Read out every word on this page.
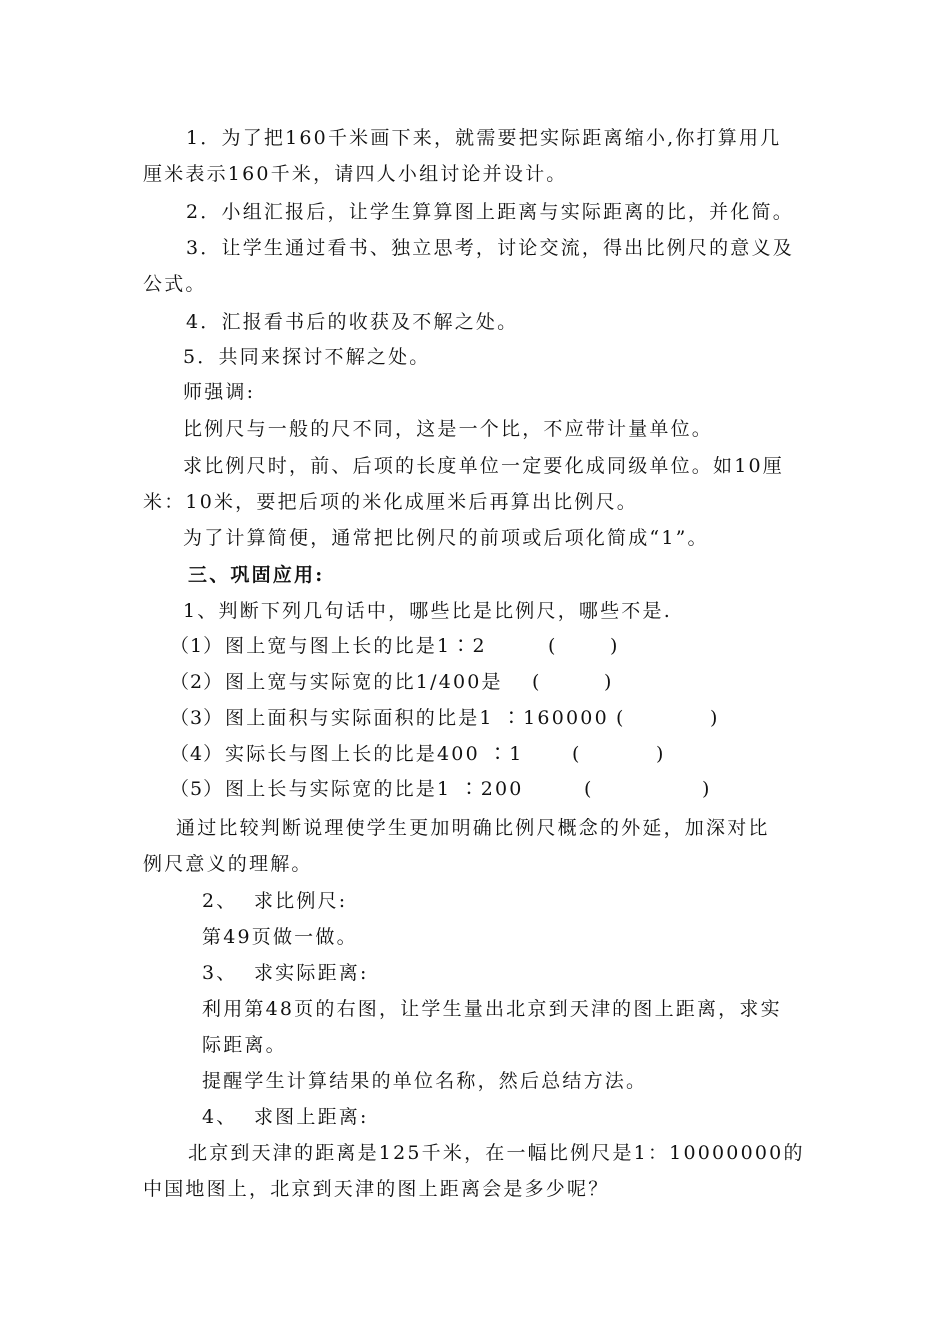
1．为了把160千米画下来，就需要把实际距离缩小,你打算用几
厘米表示160千米，请四人小组讨论并设计。
2．小组汇报后，让学生算算图上距离与实际距离的比，并化简。
3．让学生通过看书、独立思考，讨论交流，得出比例尺的意义及
公式。
4．汇报看书后的收获及不解之处。
5．共同来探讨不解之处。
师强调:
比例尺与一般的尺不同，这是一个比，不应带计量单位。
求比例尺时，前、后项的长度单位一定要化成同级单位。如10厘
米：10米，要把后项的米化成厘米后再算出比例尺。
为了计算简便，通常把比例尺的前项或后项化简成“1”。
三、巩固应用:
1、判断下列几句话中，哪些比是比例尺，哪些不是.
（1） 图上宽与图上长的比是1∶2	(	)
（2） 图上宽与实际宽的比1/400是 (	)
（3） 图上面积与实际面积的比是1 ∶160000 (	)
（4） 实际长与图上长的比是400 ∶1	(	)
（5） 图上长与实际宽的比是1 ∶200	(	)
通过比较判断说理使学生更加明确比例尺概念的外延，加深对比
例尺意义的理解。
2、  求比例尺:
第49页做一做。
3、  求实际距离:
利用第48页的右图，让学生量出北京到天津的图上距离，求实
际距离。
提醒学生计算结果的单位名称，然后总结方法。
4、  求图上距离:
北京到天津的距离是125千米，在一幅比例尺是1：10000000的
中国地图上，北京到天津的图上距离会是多少呢？
